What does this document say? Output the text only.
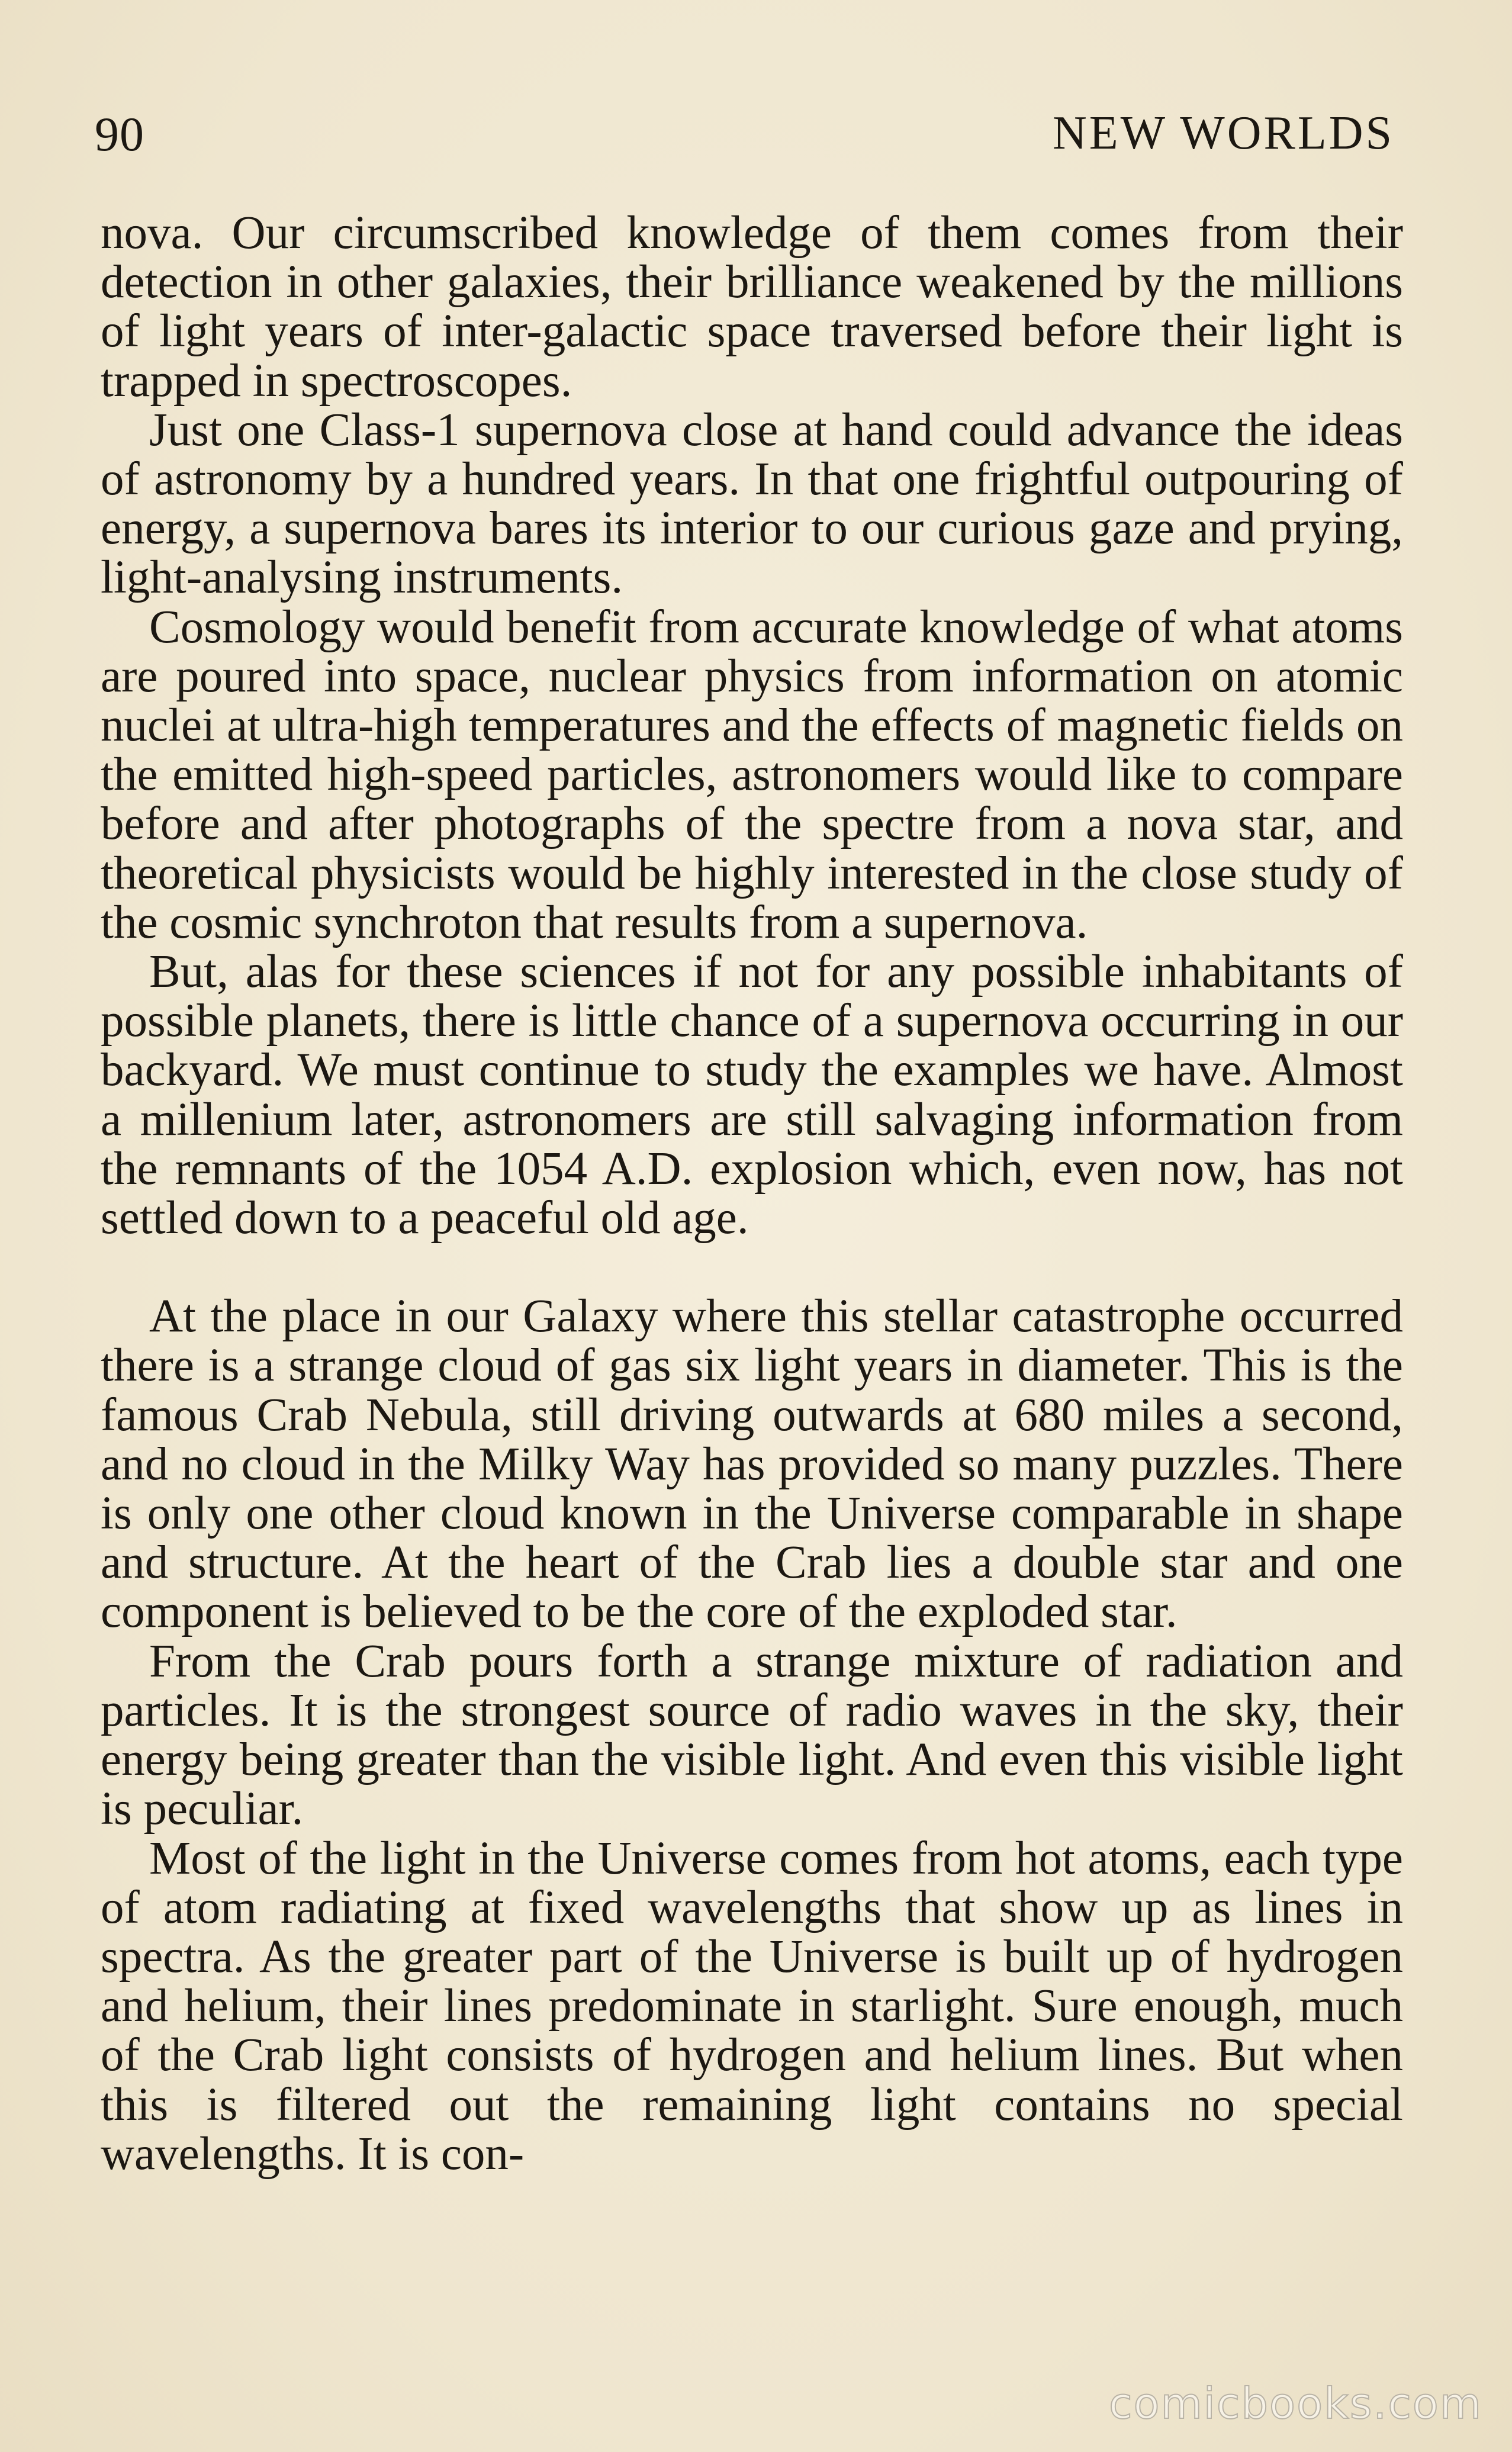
90	NEW WORLDS

nova. Our circumscribed knowledge of them comes from their detection in other galaxies, their brilliance weakened by the millions of light years of inter-galactic space traversed before their light is trapped in spectroscopes.

Just one Class-1 supernova close at hand could advance the ideas of astronomy by a hundred years. In that one frightful outpouring of energy, a supernova bares its interior to our curious gaze and prying, light-analysing instruments.

Cosmology would benefit from accurate knowledge of what atoms are poured into space, nuclear physics from information on atomic nuclei at ultra-high temperatures and the effects of magnetic fields on the emitted high-speed particles, astronomers would like to compare before and after photographs of the spectre from a nova star, and theoretical physicists would be highly interested in the close study of the cosmic synchroton that results from a supernova.

But, alas for these sciences if not for any possible inhabitants of possible planets, there is little chance of a supernova occurring in our backyard. We must continue to study the examples we have. Almost a millenium later, astronomers are still salvaging information from the remnants of the 1054 A.D. explosion which, even now, has not settled down to a peaceful old age.

At the place in our Galaxy where this stellar catastrophe occurred there is a strange cloud of gas six light years in diameter. This is the famous Crab Nebula, still driving outwards at 680 miles a second, and no cloud in the Milky Way has provided so many puzzles. There is only one other cloud known in the Universe comparable in shape and structure. At the heart of the Crab lies a double star and one component is believed to be the core of the exploded star.

From the Crab pours forth a strange mixture of radiation and particles. It is the strongest source of radio waves in the sky, their energy being greater than the visible light. And even this visible light is peculiar.

Most of the light in the Universe comes from hot atoms, each type of atom radiating at fixed wavelengths that show up as lines in spectra. As the greater part of the Universe is built up of hydrogen and helium, their lines predominate in starlight. Sure enough, much of the Crab light consists of hydrogen and helium lines. But when this is filtered out the remaining light contains no special wavelengths. It is con-

comicbooks.com
